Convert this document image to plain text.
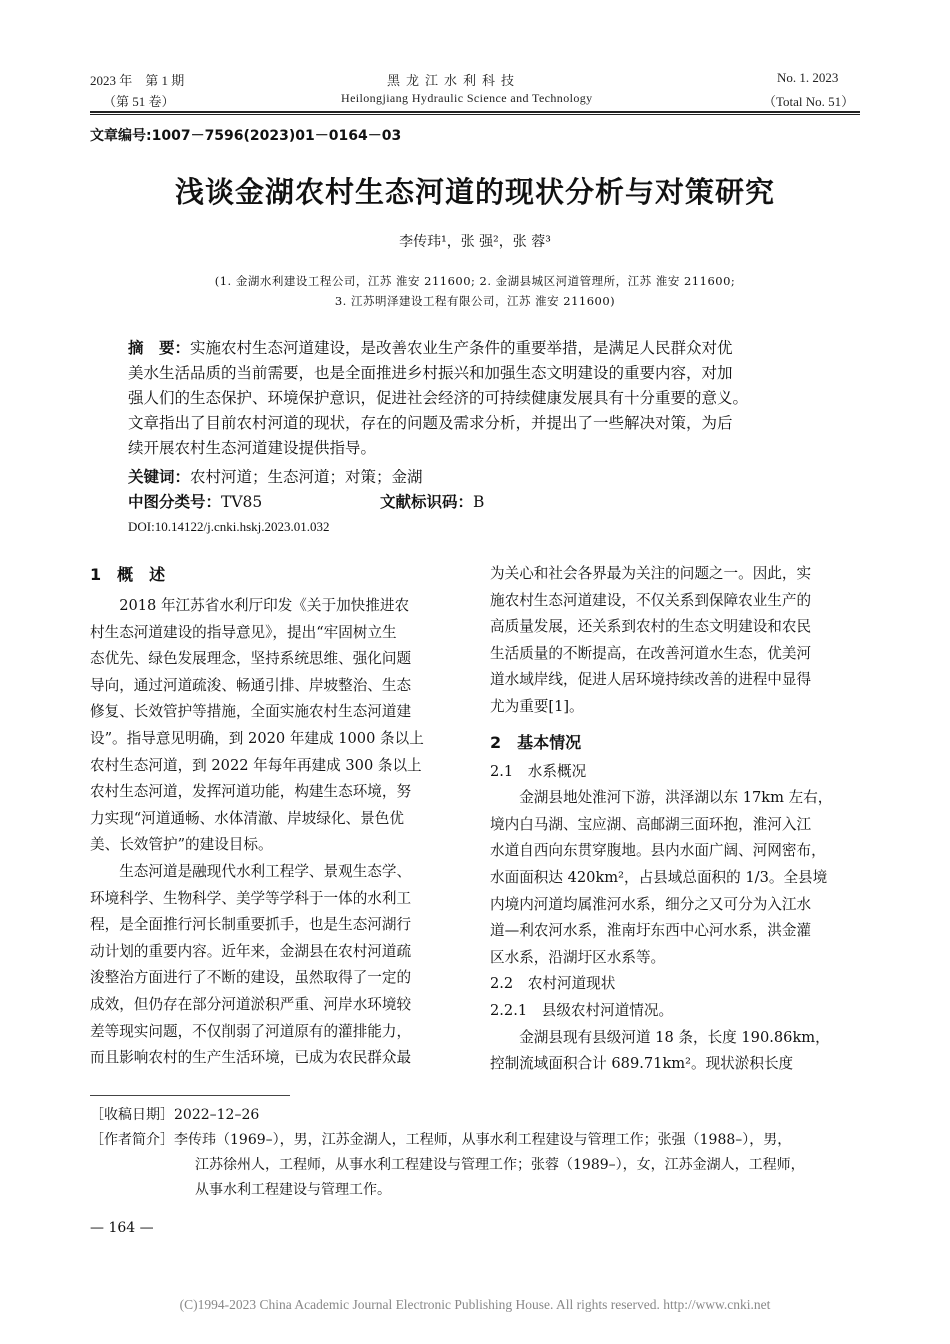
2023 年　第 1 期
（第 51 卷）
黑龙江水利科技
Heilongjiang Hydraulic Science and Technology
No. 1. 2023
（Total No. 51）
文章编号:1007－7596(2023)01－0164－03
浅谈金湖农村生态河道的现状分析与对策研究
李传玮¹，张 强²，张 蓉³
(1. 金湖水利建设工程公司，江苏 淮安 211600; 2. 金湖县城区河道管理所，江苏 淮安 211600;
3. 江苏明泽建设工程有限公司，江苏 淮安 211600)
摘　要：实施农村生态河道建设，是改善农业生产条件的重要举措，是满足人民群众对优
美水生活品质的当前需要，也是全面推进乡村振兴和加强生态文明建设的重要内容，对加
强人们的生态保护、环境保护意识，促进社会经济的可持续健康发展具有十分重要的意义。
文章指出了目前农村河道的现状，存在的问题及需求分析，并提出了一些解决对策，为后
续开展农村生态河道建设提供指导。
关键词：农村河道；生态河道；对策；金湖
中图分类号：TV85	文献标识码：B
DOI:10.14122/j.cnki.hskj.2023.01.032
1　概　述
2018 年江苏省水利厅印发《关于加快推进农
村生态河道建设的指导意见》，提出“牢固树立生
态优先、绿色发展理念，坚持系统思维、强化问题
导向，通过河道疏浚、畅通引排、岸坡整治、生态
修复、长效管护等措施，全面实施农村生态河道建
设”。指导意见明确，到 2020 年建成 1000 条以上
农村生态河道，到 2022 年每年再建成 300 条以上
农村生态河道，发挥河道功能，构建生态环境，努
力实现“河道通畅、水体清澈、岸坡绿化、景色优
美、长效管护”的建设目标。
生态河道是融现代水利工程学、景观生态学、
环境科学、生物科学、美学等学科于一体的水利工
程，是全面推行河长制重要抓手，也是生态河湖行
动计划的重要内容。近年来，金湖县在农村河道疏
浚整治方面进行了不断的建设，虽然取得了一定的
成效，但仍存在部分河道淤积严重、河岸水环境较
差等现实问题，不仅削弱了河道原有的灌排能力，
而且影响农村的生产生活环境，已成为农民群众最
为关心和社会各界最为关注的问题之一。因此，实
施农村生态河道建设，不仅关系到保障农业生产的
高质量发展，还关系到农村的生态文明建设和农民
生活质量的不断提高，在改善河道水生态，优美河
道水域岸线，促进人居环境持续改善的进程中显得
尤为重要[1]。
2　基本情况
2.1　水系概况
金湖县地处淮河下游，洪泽湖以东 17km 左右，
境内白马湖、宝应湖、高邮湖三面环抱，淮河入江
水道自西向东贯穿腹地。县内水面广阔、河网密布，
水面面积达 420km²，占县域总面积的 1/3。全县境
内境内河道均属淮河水系，细分之又可分为入江水
道—利农河水系，淮南圩东西中心河水系，洪金灌
区水系，沿湖圩区水系等。
2.2　农村河道现状
2.2.1　县级农村河道情况。
金湖县现有县级河道 18 条，长度 190.86km，
控制流域面积合计 689.71km²。现状淤积长度
［收稿日期］2022–12–26
［作者简介］李传玮（1969–），男，江苏金湖人，工程师，从事水利工程建设与管理工作；张强（1988–），男，
江苏徐州人，工程师，从事水利工程建设与管理工作；张蓉（1989–），女，江苏金湖人，工程师，
从事水利工程建设与管理工作。
— 164 —
(C)1994-2023 China Academic Journal Electronic Publishing House. All rights reserved. http://www.cnki.net
